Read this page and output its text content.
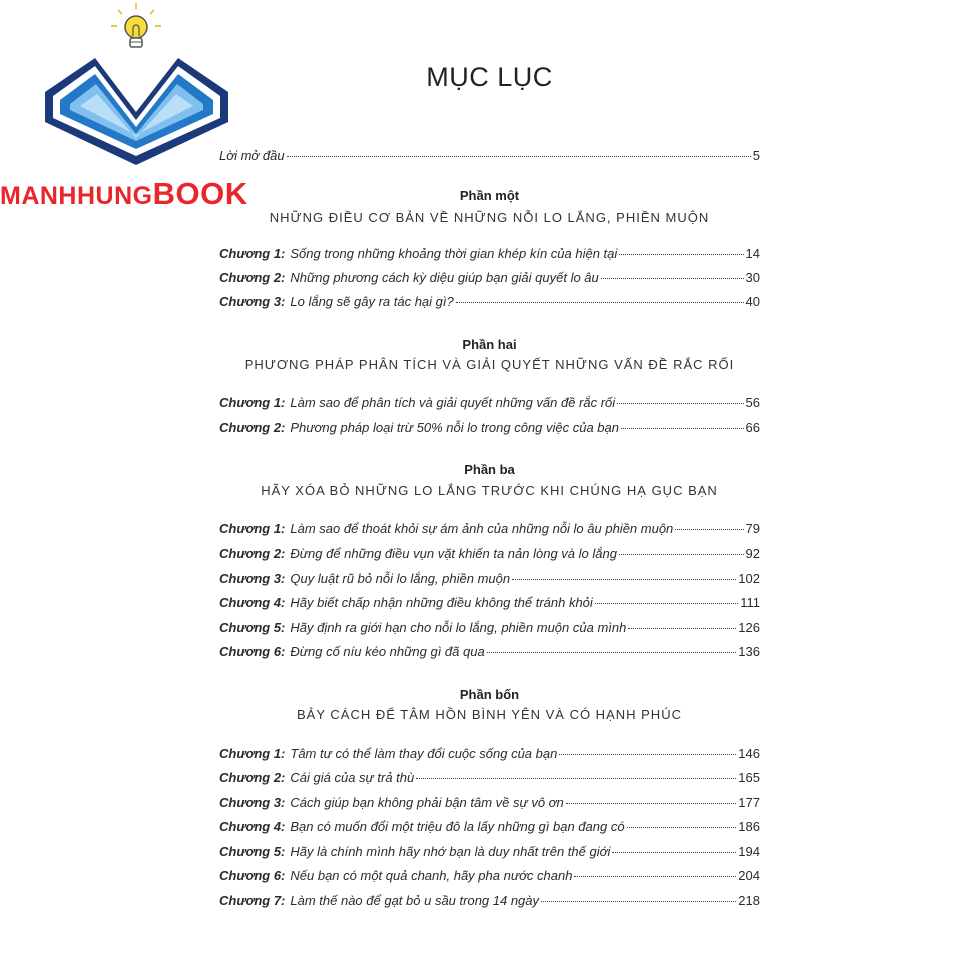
MANHHUNGBOOK
MỤC LỤC
Lời mở đầu	5
Phần một
NHỮNG ĐIỀU CƠ BẢN VỀ NHỮNG NỖI LO LẮNG, PHIỀN MUỘN
Chương 1: Sống trong những khoảng thời gian khép kín của hiện tại	14
Chương 2: Những phương cách kỳ diệu giúp bạn giải quyết lo âu	30
Chương 3: Lo lắng sẽ gây ra tác hại gì?	40
Phần hai
PHƯƠNG PHÁP PHÂN TÍCH VÀ GIẢI QUYẾT NHỮNG VẤN ĐỀ RẮC RỐI
Chương 1: Làm sao để phân tích và giải quyết những vấn đề rắc rối	56
Chương 2: Phương pháp loại trừ 50% nỗi lo trong công việc của bạn	66
Phần ba
HÃY XÓA BỎ NHỮNG LO LẮNG TRƯỚC KHI CHÚNG HẠ GỤC BẠN
Chương 1: Làm sao để thoát khỏi sự ám ảnh của những nỗi lo âu phiền muộn	79
Chương 2: Đừng để những điều vụn vặt khiến ta nản lòng và lo lắng	92
Chương 3: Quy luật rũ bỏ nỗi lo lắng, phiền muộn	102
Chương 4: Hãy biết chấp nhận những điều không thể tránh khỏi	111
Chương 5: Hãy định ra giới hạn cho nỗi lo lắng, phiền muộn của mình	126
Chương 6: Đừng cố níu kéo những gì đã qua	136
Phần bốn
BẢY CÁCH ĐỂ TÂM HỒN BÌNH YÊN VÀ CÓ HẠNH PHÚC
Chương 1: Tâm tư có thể làm thay đổi cuộc sống của bạn	146
Chương 2: Cái giá của sự trả thù	165
Chương 3: Cách giúp bạn không phải bận tâm về sự vô ơn	177
Chương 4: Bạn có muốn đổi một triệu đô la lấy những gì bạn đang có	186
Chương 5: Hãy là chính mình hãy nhớ bạn là duy nhất trên thế giới	194
Chương 6: Nếu bạn có một quả chanh, hãy pha nước chanh	204
Chương 7: Làm thế nào để gạt bỏ u sầu trong 14 ngày	218
